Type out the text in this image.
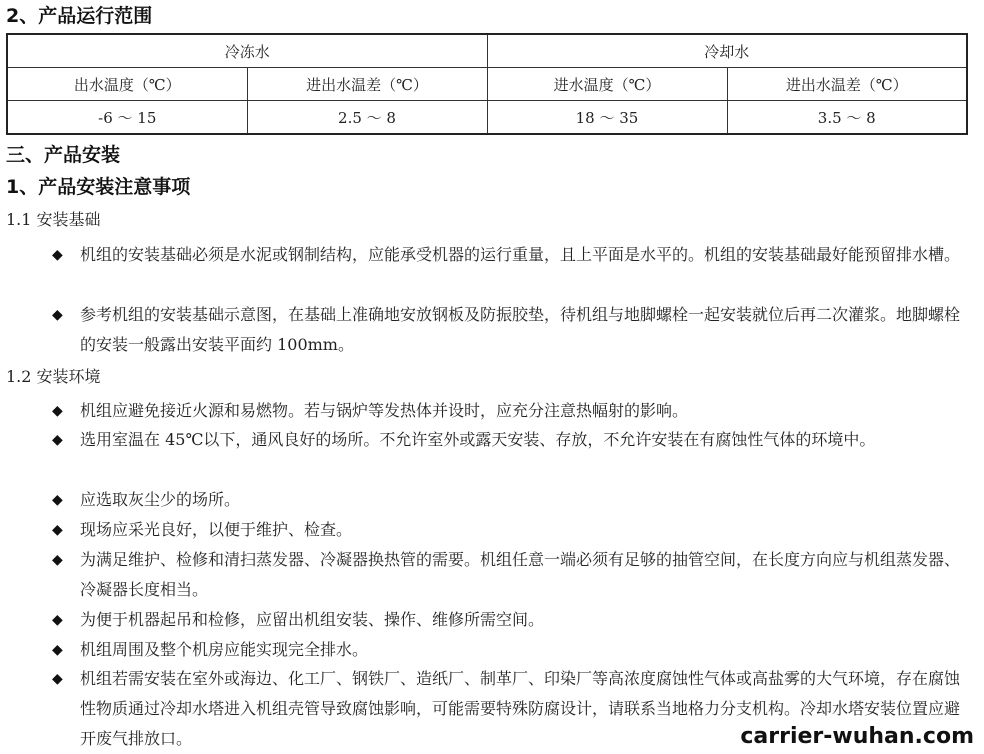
2、产品运行范围
冷冻水		冷却水	
出水温度（℃）	进出水温差（℃）	进水温度（℃）	进出水温差（℃）
-6 ～ 15	2.5 ～ 8	18 ～ 35	3.5 ～ 8
三、产品安装
1、产品安装注意事项
1.1 安装基础
◆	机组的安装基础必须是水泥或钢制结构，应能承受机器的运行重量，且上平面是水平的。机组的安装基础最好能预留排水槽。
◆	参考机组的安装基础示意图，在基础上准确地安放钢板及防振胶垫，待机组与地脚螺栓一起安装就位后再二次灌浆。地脚螺栓的安装一般露出安装平面约 100mm。
1.2 安装环境
◆	机组应避免接近火源和易燃物。若与锅炉等发热体并设时，应充分注意热幅射的影响。
◆	选用室温在 45℃以下，通风良好的场所。不允许室外或露天安装、存放，不允许安装在有腐蚀性气体的环境中。
◆	应选取灰尘少的场所。
◆	现场应采光良好，以便于维护、检查。
◆	为满足维护、检修和清扫蒸发器、冷凝器换热管的需要。机组任意一端必须有足够的抽管空间，在长度方向应与机组蒸发器、冷凝器长度相当。
◆	为便于机器起吊和检修，应留出机组安装、操作、维修所需空间。
◆	机组周围及整个机房应能实现完全排水。
◆	机组若需安装在室外或海边、化工厂、钢铁厂、造纸厂、制革厂、印染厂等高浓度腐蚀性气体或高盐雾的大气环境，存在腐蚀性物质通过冷却水塔进入机组壳管导致腐蚀影响，可能需要特殊防腐设计，请联系当地格力分支机构。冷却水塔安装位置应避开废气排放口。	carrier-wuhan.com
